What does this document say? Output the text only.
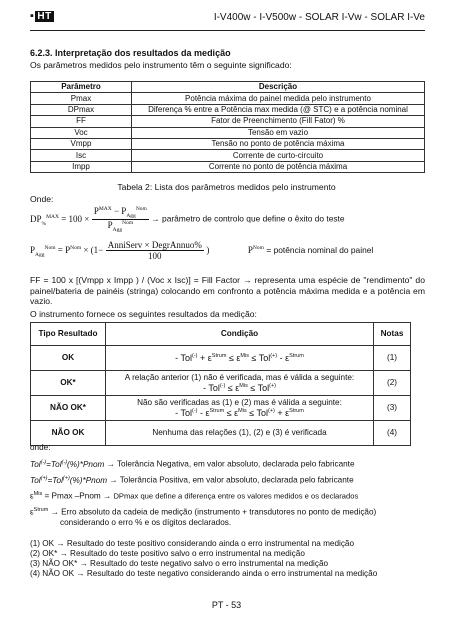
▪ HT	I-V400w - I-V500w - SOLAR I-Vw - SOLAR I-Ve
6.2.3. Interpretação dos resultados da medição
Os parâmetros medidos pelo instrumento têm o seguinte significado:
Parâmetro	Descrição
Pmax	Potência máxima do painel medida pelo instrumento
DPmax	Diferença % entre a Potência max medida (@ STC) e a potência nominal
FF	Fator de Preenchimento (Fill Fator) %
Voc	Tensão em vazio
Vmpp	Tensão no ponto de potência máxima
Isc	Corrente de curto-circuito
Impp	Corrente no ponto de potência máxima
Tabela 2: Lista dos parâmetros medidos pelo instrumento
Onde:
$DP_{\%}^{MAX} = 100 \times \frac{P^{MAX} - P_{Agg}^{Nom}}{P_{Agg}^{Nom}}$ → parâmetro de controlo que define o êxito do teste
$P_{Agg}^{Nom} = P^{Nom} \times (1- \frac{\text{AnniServ × DegrAnnuo\%}}{100}$ )	$P^{Nom}$ = potência nominal do painel
FF = 100 x [(Vmpp x Impp ) / (Voc x Isc)] = Fill Factor → representa uma espécie de "rendimento" do painel/bateria de painéis (stringa) colocando em confronto a potência máxima medida e a potência em vazio.
O instrumento fornece os seguintes resultados da medição:
Tipo Resultado	Condição	Notas
OK	- $Tol^{(-)} + \varepsilon^{Strum} \le \varepsilon^{Mis} \le Tol^{(+)} - \varepsilon^{Strum}$	(1)
OK*	A relação anterior (1) não é verificada, mas é válida a seguinte:
- $Tol^{(-)} \le \varepsilon^{Mis} \le Tol^{(+)}$	(2)
NÃO OK*	Não são verificadas as (1) e (2) mas é válida a seguinte:
- $Tol^{(-)} - \varepsilon^{Strum} \le \varepsilon^{Mis} \le Tol^{(+)} + \varepsilon^{Strum}$	(3)
NÃO OK	Nenhuma das relações (1), (2) e (3) é verificada	(4)
onde:
Tol(-)=Tol(-)(%)*Pnom → Tolerância Negativa, em valor absoluto, declarada pelo fabricante
Tol(+)=Tol(+)(%)*Pnom → Tolerância Positiva, em valor absoluto, declarada pelo fabricante
$\varepsilon^{Mis} = Pmax$ –Pnom → DPmax que define a diferença entre os valores medidos e os declarados
$\varepsilon^{Strum}$ → Erro absoluto da cadeia de medição (instrumento + transdutores no ponto de medição) considerando o erro % e os dígitos declarados.
(1) OK → Resultado do teste positivo considerando ainda o erro instrumental na medição
(2) OK* → Resultado do teste positivo salvo o erro instrumental na medição
(3) NÃO OK* → Resultado do teste negativo salvo o erro instrumental na medição
(4) NÃO OK → Resultado do teste negativo considerando ainda o erro instrumental na medição
PT - 53
